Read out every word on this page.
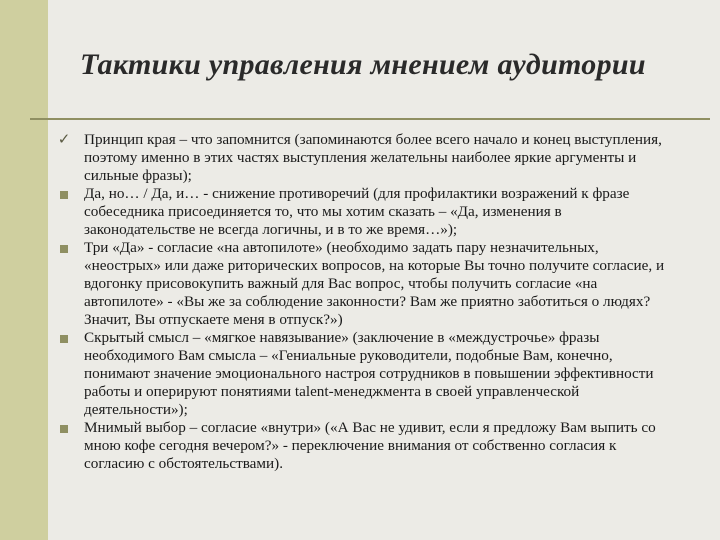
Тактики управления мнением аудитории
✓ Принцип края – что запомнится (запоминаются более всего начало и конец выступления, поэтому именно в этих частях выступления желательны наиболее яркие аргументы и сильные фразы);
Да, но… / Да, и… - снижение противоречий (для профилактики возражений к фразе собеседника присоединяется то, что мы хотим сказать – «Да, изменения в законодательстве не всегда логичны, и в то же время…»);
Три «Да» - согласие «на автопилоте» (необходимо задать пару незначительных, «неострых» или даже риторических вопросов, на которые Вы точно получите согласие, и вдогонку присовокупить важный для Вас вопрос, чтобы получить согласие «на автопилоте» - «Вы же за соблюдение законности? Вам же приятно заботиться о людях? Значит, Вы отпускаете меня в отпуск?»)
Скрытый смысл – «мягкое навязывание» (заключение в «междустрочье» фразы необходимого Вам смысла – «Гениальные руководители, подобные Вам, конечно, понимают значение эмоционального настроя сотрудников в повышении эффективности работы и оперируют понятиями talent-менеджмента в своей управленческой деятельности»);
Мнимый выбор – согласие «внутри» («А Вас не удивит, если я предложу Вам выпить со мною кофе сегодня вечером?» - переключение внимания от собственно согласия к согласию с обстоятельствами).
